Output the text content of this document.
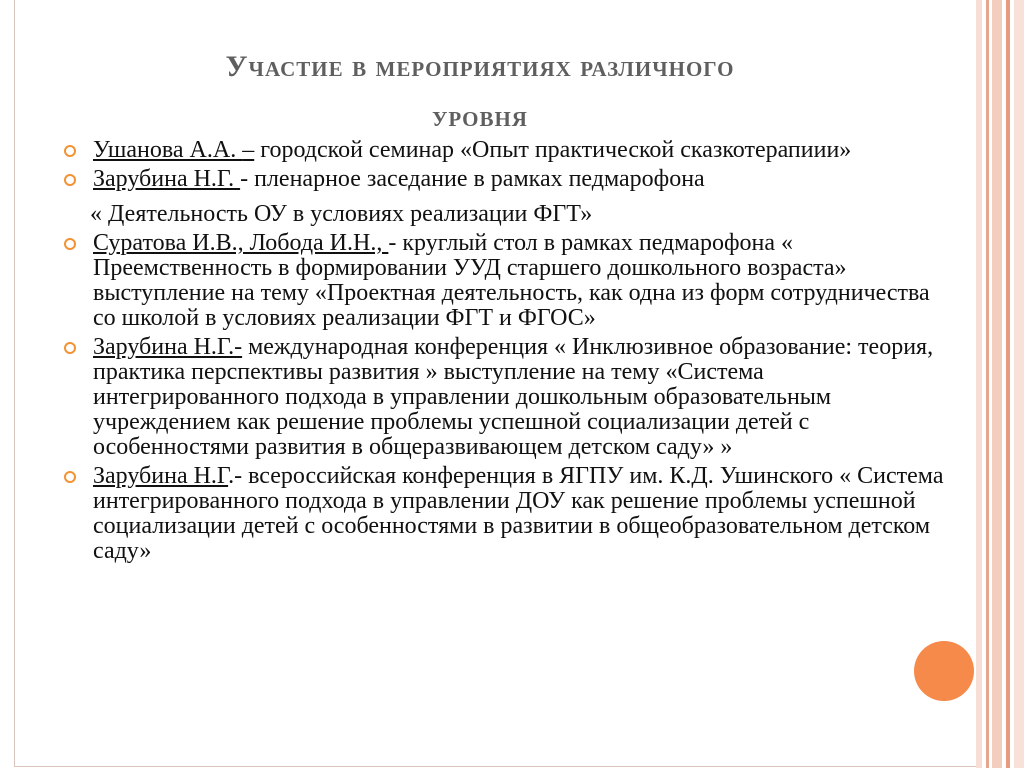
Участие в мероприятиях различного
уровня
Ушанова А.А. – городской семинар «Опыт практической сказкотерапиии»
Зарубина Н.Г. - пленарное заседание в рамках педмарофона
« Деятельность ОУ в условиях реализации ФГТ»
Суратова И.В., Лобода И.Н., - круглый стол в рамках педмарофона « Преемственность в формировании УУД старшего дошкольного возраста» выступление на тему «Проектная деятельность, как одна из форм сотрудничества со школой в условиях реализации ФГТ и ФГОС»
Зарубина Н.Г.- международная конференция « Инклюзивное образование: теория, практика перспективы развития » выступление на тему «Система интегрированного подхода в управлении дошкольным образовательным учреждением как решение проблемы успешной социализации детей с особенностями развития в общеразвивающем детском саду» »
Зарубина Н.Г.- всероссийская конференция в ЯГПУ им. К.Д. Ушинского « Система интегрированного подхода в управлении ДОУ как решение проблемы успешной социализации детей с особенностями в развитии в общеобразовательном детском саду»
